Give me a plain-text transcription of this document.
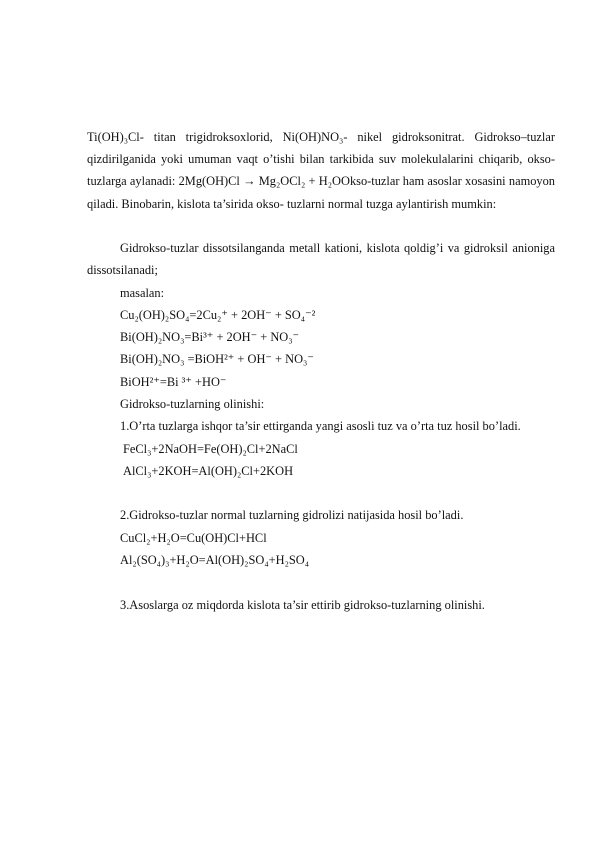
Ti(OH)₃Cl- titan trigidroksoxlorid, Ni(OH)NO₃- nikel gidroksonitrat. Gidrokso–tuzlar qizdirilganida yoki umuman vaqt o’tishi bilan tarkibida suv molekulalarini chiqarib, okso-tuzlarga aylanadi: 2Mg(OH)Cl → Mg₂OCl₂ + H₂OOkso-tuzlar ham asoslar xosasini namoyon qiladi. Binobarin, kislota ta’sirida okso- tuzlarni normal tuzga aylantirish mumkin:

Gidrokso-tuzlar dissotsilanganda metall kationi, kislota qoldig’i va gidroksil anioniga dissotsilanadi;

masalan:

Cu₂(OH)₂SO₄=2Cu₂⁺ + 2OH⁻ + SO₄⁻²

Bi(OH)₂NO₃=Bi³⁺ + 2OH⁻ + NO₃⁻

Bi(OH)₂NO₃ =BiOH²⁺ + OH⁻ + NO₃⁻

BiOH²⁺=Bi ³⁺ +HO⁻

Gidrokso-tuzlarning olinishi:

1.O’rta tuzlarga ishqor ta’sir ettirganda yangi asosli tuz va o’rta tuz hosil bo’ladi.

FeCl₃+2NaOH=Fe(OH)₂Cl+2NaCl

AlCl₃+2KOH=Al(OH)₂Cl+2KOH

2.Gidrokso-tuzlar normal tuzlarning gidrolizi natijasida hosil bo’ladi.

CuCl₂+H₂O=Cu(OH)Cl+HCl

Al₂(SO₄)₃+H₂O=Al(OH)₂SO₄+H₂SO₄

3.Asoslarga oz miqdorda kislota ta’sir ettirib gidrokso-tuzlarning olinishi.
